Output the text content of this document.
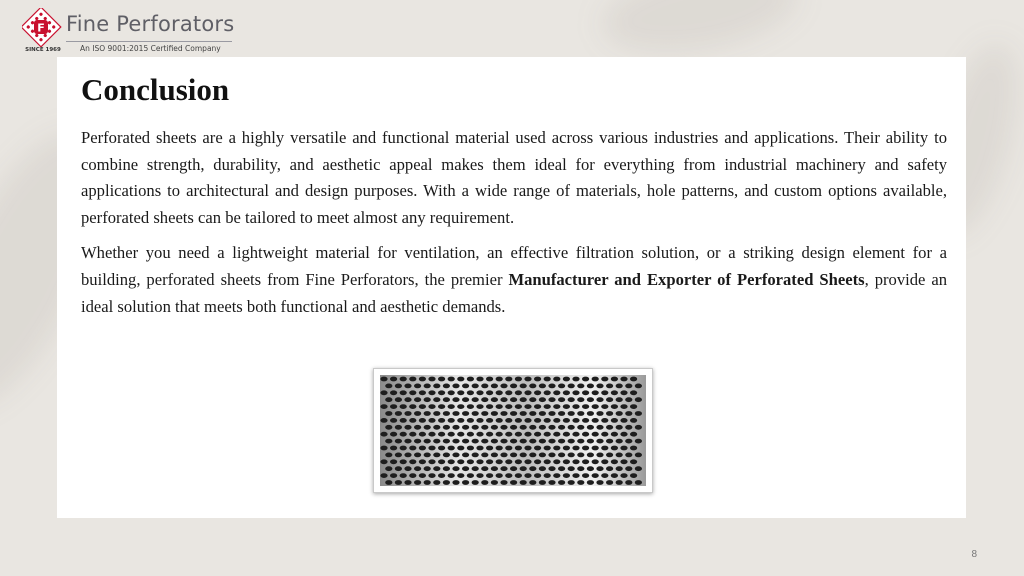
F Fine Perforators
An ISO 9001:2015 Certified Company
SINCE 1969
Conclusion

Perforated sheets are a highly versatile and functional material used across various industries and applications. Their ability to combine strength, durability, and aesthetic appeal makes them ideal for everything from industrial machinery and safety applications to architectural and design purposes. With a wide range of materials, hole patterns, and custom options available, perforated sheets can be tailored to meet almost any requirement.

Whether you need a lightweight material for ventilation, an effective filtration solution, or a striking design element for a building, perforated sheets from Fine Perforators, the premier Manufacturer and Exporter of Perforated Sheets, provide an ideal solution that meets both functional and aesthetic demands.

8
